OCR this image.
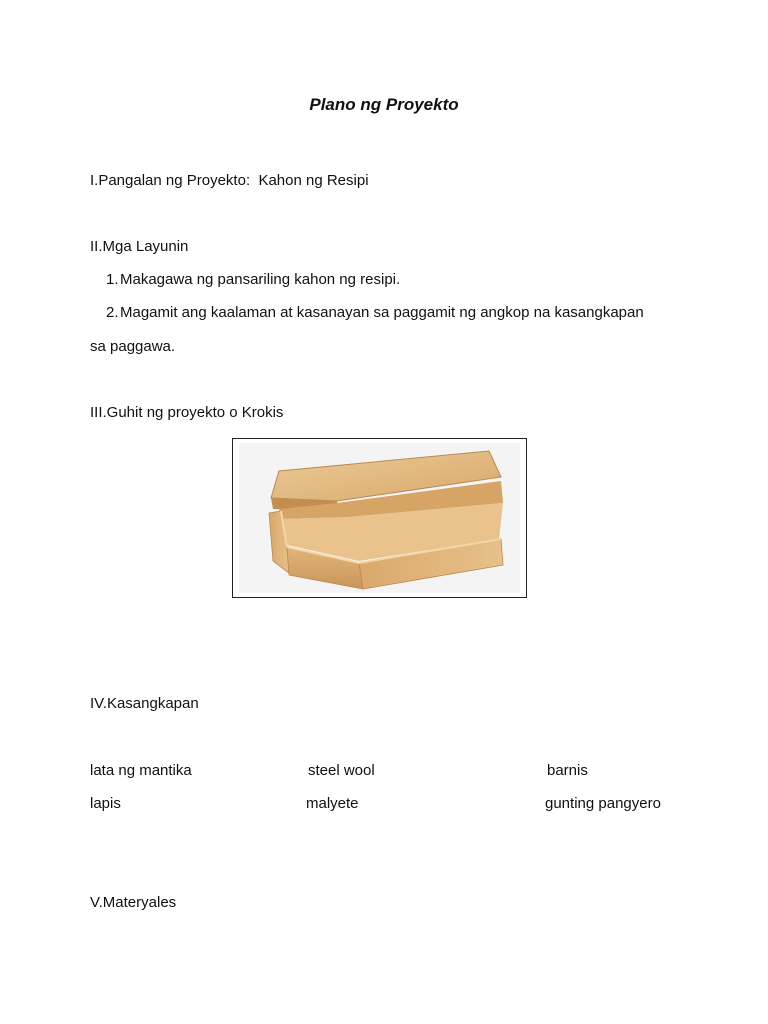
Plano ng Proyekto
I.Pangalan ng Proyekto: Kahon ng Resipi
II.Mga Layunin
1.Makagawa ng pansariling kahon ng resipi.
2.Magamit ang kaalaman at kasanayan sa paggamit ng angkop na kasangkapan
sa paggawa.
III.Guhit ng proyekto o Krokis
IV.Kasangkapan
lata ng mantika	steel wool	barnis
lapis	malyete	gunting pangyero
V.Materyales
